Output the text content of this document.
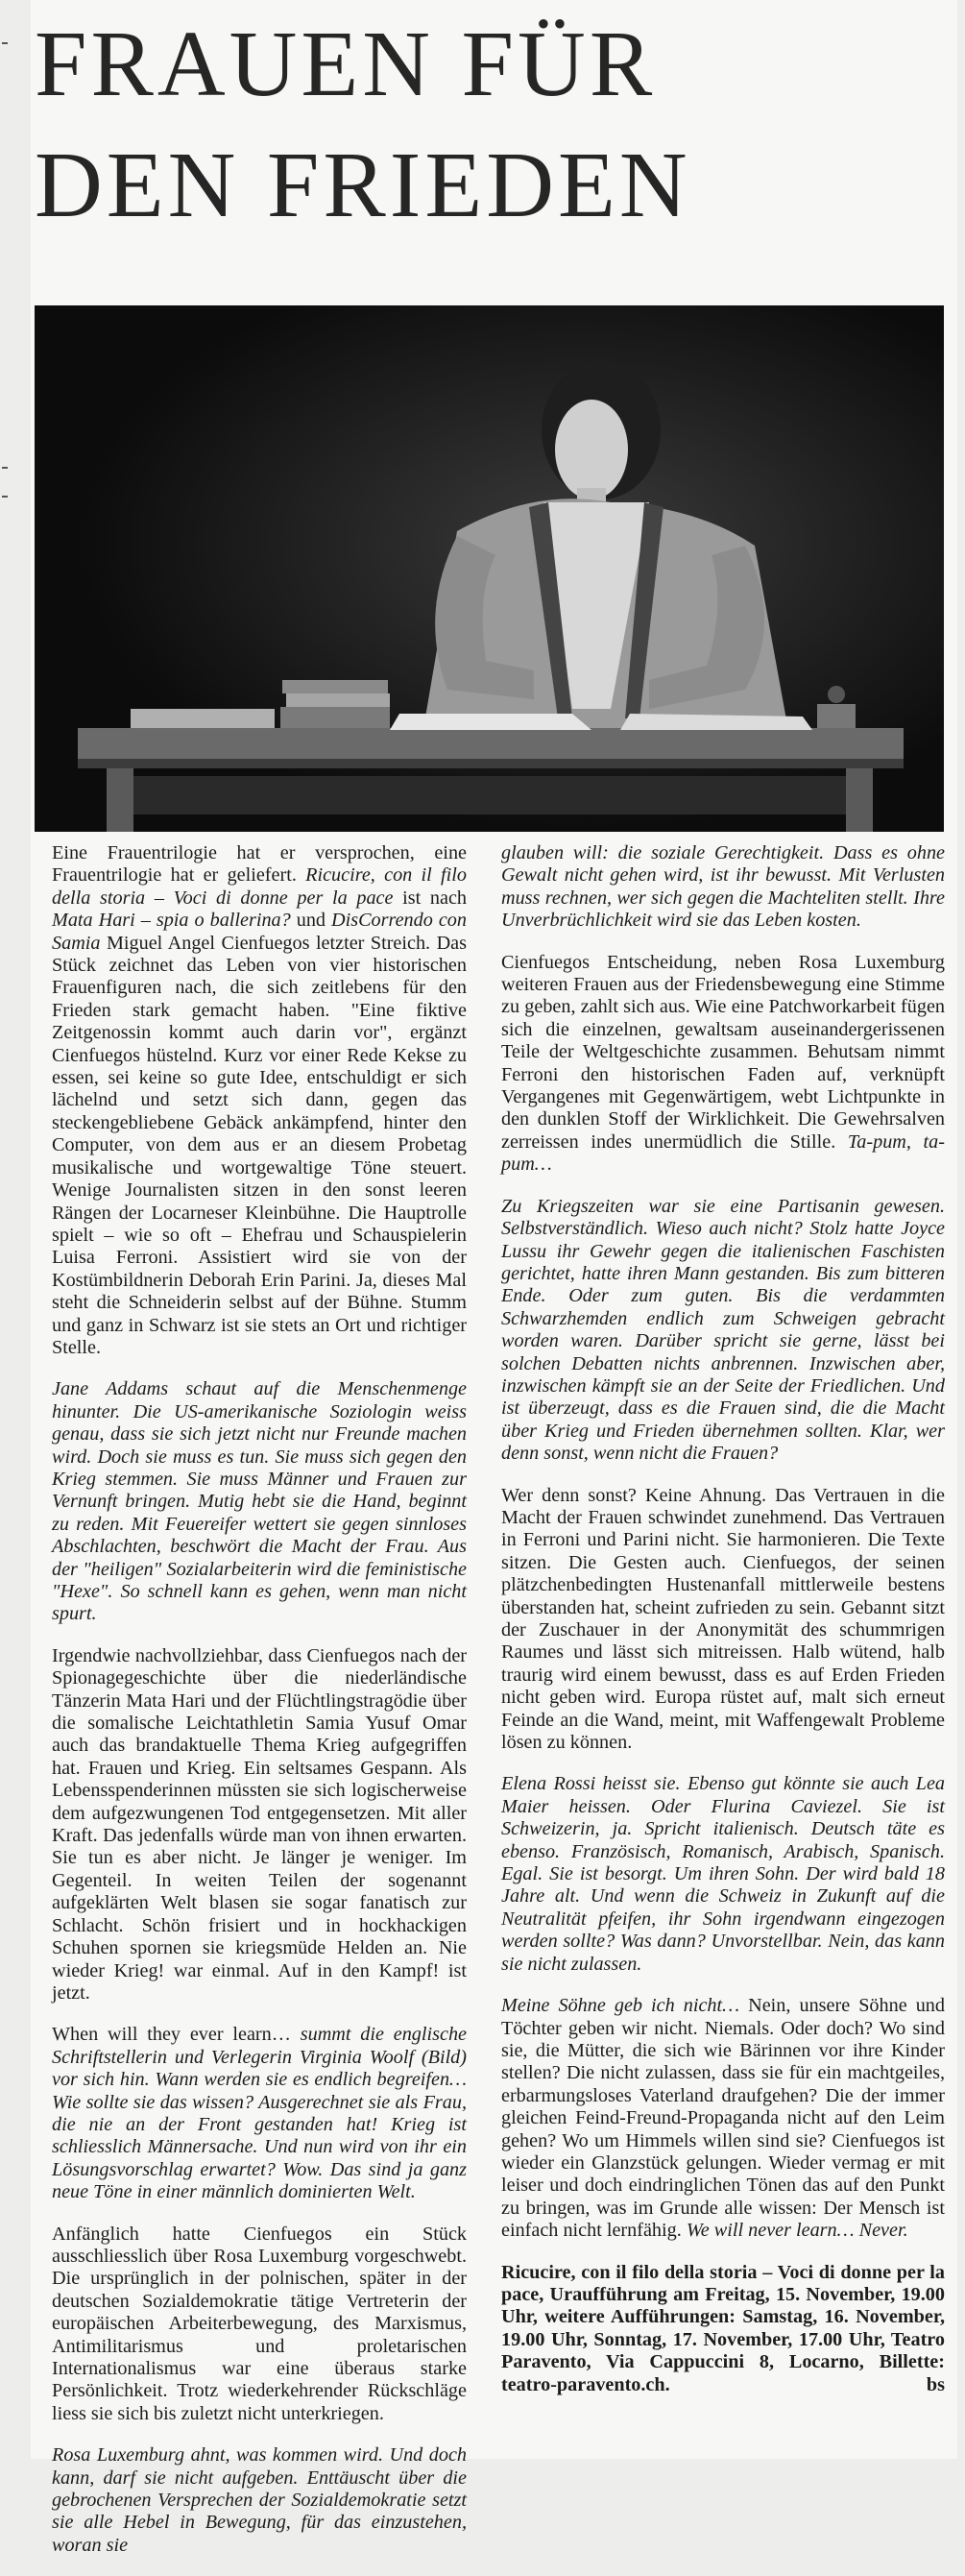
FRAUEN FÜR
DEN FRIEDEN

Eine Frauentrilogie hat er versprochen, eine Frauentrilogie hat er geliefert. Ricucire, con il filo della storia – Voci di donne per la pace ist nach Mata Hari – spia o ballerina? und DisCorrendo con Samia Miguel Angel Cienfuegos letzter Streich. Das Stück zeichnet das Leben von vier historischen Frauenfiguren nach, die sich zeitlebens für den Frieden stark gemacht haben. "Eine fiktive Zeitgenossin kommt auch darin vor", ergänzt Cienfuegos hüstelnd. Kurz vor einer Rede Kekse zu essen, sei keine so gute Idee, entschuldigt er sich lächelnd und setzt sich dann, gegen das steckengebliebene Gebäck ankämpfend, hinter den Computer, von dem aus er an diesem Probetag musikalische und wortgewaltige Töne steuert. Wenige Journalisten sitzen in den sonst leeren Rängen der Locarneser Kleinbühne. Die Hauptrolle spielt – wie so oft – Ehefrau und Schauspielerin Luisa Ferroni. Assistiert wird sie von der Kostümbildnerin Deborah Erin Parini. Ja, dieses Mal steht die Schneiderin selbst auf der Bühne. Stumm und ganz in Schwarz ist sie stets an Ort und richtiger Stelle.

Jane Addams schaut auf die Menschenmenge hinunter. Die US-amerikanische Soziologin weiss genau, dass sie sich jetzt nicht nur Freunde machen wird. Doch sie muss es tun. Sie muss sich gegen den Krieg stemmen. Sie muss Männer und Frauen zur Vernunft bringen. Mutig hebt sie die Hand, beginnt zu reden. Mit Feuereifer wettert sie gegen sinnloses Abschlachten, beschwört die Macht der Frau. Aus der "heiligen" Sozialarbeiterin wird die feministische "Hexe". So schnell kann es gehen, wenn man nicht spurt.

Irgendwie nachvollziehbar, dass Cienfuegos nach der Spionagegeschichte über die niederländische Tänzerin Mata Hari und der Flüchtlingstragödie über die somalische Leichtathletin Samia Yusuf Omar auch das brandaktuelle Thema Krieg aufgegriffen hat. Frauen und Krieg. Ein seltsames Gespann. Als Lebensspenderinnen müssten sie sich logischerweise dem aufgezwungenen Tod entgegensetzen. Mit aller Kraft. Das jedenfalls würde man von ihnen erwarten. Sie tun es aber nicht. Je länger je weniger. Im Gegenteil. In weiten Teilen der sogenannt aufgeklärten Welt blasen sie sogar fanatisch zur Schlacht. Schön frisiert und in hockhackigen Schuhen spornen sie kriegsmüde Helden an. Nie wieder Krieg! war einmal. Auf in den Kampf! ist jetzt.

When will they ever learn… summt die englische Schriftstellerin und Verlegerin Virginia Woolf (Bild) vor sich hin. Wann werden sie es endlich begreifen… Wie sollte sie das wissen? Ausgerechnet sie als Frau, die nie an der Front gestanden hat! Krieg ist schliesslich Männersache. Und nun wird von ihr ein Lösungsvorschlag erwartet? Wow. Das sind ja ganz neue Töne in einer männlich dominierten Welt.

Anfänglich hatte Cienfuegos ein Stück ausschliesslich über Rosa Luxemburg vorgeschwebt. Die ursprünglich in der polnischen, später in der deutschen Sozialdemokratie tätige Vertreterin der europäischen Arbeiterbewegung, des Marxismus, Antimilitarismus und proletarischen Internationalismus war eine überaus starke Persönlichkeit. Trotz wiederkehrender Rückschläge liess sie sich bis zuletzt nicht unterkriegen.

Rosa Luxemburg ahnt, was kommen wird. Und doch kann, darf sie nicht aufgeben. Enttäuscht über die gebrochenen Versprechen der Sozialdemokratie setzt sie alle Hebel in Bewegung, für das einzustehen, woran sie

glauben will: die soziale Gerechtigkeit. Dass es ohne Gewalt nicht gehen wird, ist ihr bewusst. Mit Verlusten muss rechnen, wer sich gegen die Machteliten stellt. Ihre Unverbrüchlichkeit wird sie das Leben kosten.

Cienfuegos Entscheidung, neben Rosa Luxemburg weiteren Frauen aus der Friedensbewegung eine Stimme zu geben, zahlt sich aus. Wie eine Patchworkarbeit fügen sich die einzelnen, gewaltsam auseinandergerissenen Teile der Weltgeschichte zusammen. Behutsam nimmt Ferroni den historischen Faden auf, verknüpft Vergangenes mit Gegenwärtigem, webt Lichtpunkte in den dunklen Stoff der Wirklichkeit. Die Gewehrsalven zerreissen indes unermüdlich die Stille. Ta-pum, ta-pum…

Zu Kriegszeiten war sie eine Partisanin gewesen. Selbstverständlich. Wieso auch nicht? Stolz hatte Joyce Lussu ihr Gewehr gegen die italienischen Faschisten gerichtet, hatte ihren Mann gestanden. Bis zum bitteren Ende. Oder zum guten. Bis die verdammten Schwarzhemden endlich zum Schweigen gebracht worden waren. Darüber spricht sie gerne, lässt bei solchen Debatten nichts anbrennen. Inzwischen aber, inzwischen kämpft sie an der Seite der Friedlichen. Und ist überzeugt, dass es die Frauen sind, die die Macht über Krieg und Frieden übernehmen sollten. Klar, wer denn sonst, wenn nicht die Frauen?

Wer denn sonst? Keine Ahnung. Das Vertrauen in die Macht der Frauen schwindet zunehmend. Das Vertrauen in Ferroni und Parini nicht. Sie harmonieren. Die Texte sitzen. Die Gesten auch. Cienfuegos, der seinen plätzchenbedingten Hustenanfall mittlerweile bestens überstanden hat, scheint zufrieden zu sein. Gebannt sitzt der Zuschauer in der Anonymität des schummrigen Raumes und lässt sich mitreissen. Halb wütend, halb traurig wird einem bewusst, dass es auf Erden Frieden nicht geben wird. Europa rüstet auf, malt sich erneut Feinde an die Wand, meint, mit Waffengewalt Probleme lösen zu können.

Elena Rossi heisst sie. Ebenso gut könnte sie auch Lea Maier heissen. Oder Flurina Caviezel. Sie ist Schweizerin, ja. Spricht italienisch. Deutsch täte es ebenso. Französisch, Romanisch, Arabisch, Spanisch. Egal. Sie ist besorgt. Um ihren Sohn. Der wird bald 18 Jahre alt. Und wenn die Schweiz in Zukunft auf die Neutralität pfeifen, ihr Sohn irgendwann eingezogen werden sollte? Was dann? Unvorstellbar. Nein, das kann sie nicht zulassen.

Meine Söhne geb ich nicht… Nein, unsere Söhne und Töchter geben wir nicht. Niemals. Oder doch? Wo sind sie, die Mütter, die sich wie Bärinnen vor ihre Kinder stellen? Die nicht zulassen, dass sie für ein machtgeiles, erbarmungsloses Vaterland draufgehen? Die der immer gleichen Feind-Freund-Propaganda nicht auf den Leim gehen? Wo um Himmels willen sind sie? Cienfuegos ist wieder ein Glanzstück gelungen. Wieder vermag er mit leiser und doch eindringlichen Tönen das auf den Punkt zu bringen, was im Grunde alle wissen: Der Mensch ist einfach nicht lernfähig. We will never learn… Never.

Ricucire, con il filo della storia – Voci di donne per la pace, Uraufführung am Freitag, 15. November, 19.00 Uhr, weitere Aufführungen: Samstag, 16. November, 19.00 Uhr, Sonntag, 17. November, 17.00 Uhr, Teatro Paravento, Via Cappuccini 8, Locarno, Billette: teatro-paravento.ch.	bs
